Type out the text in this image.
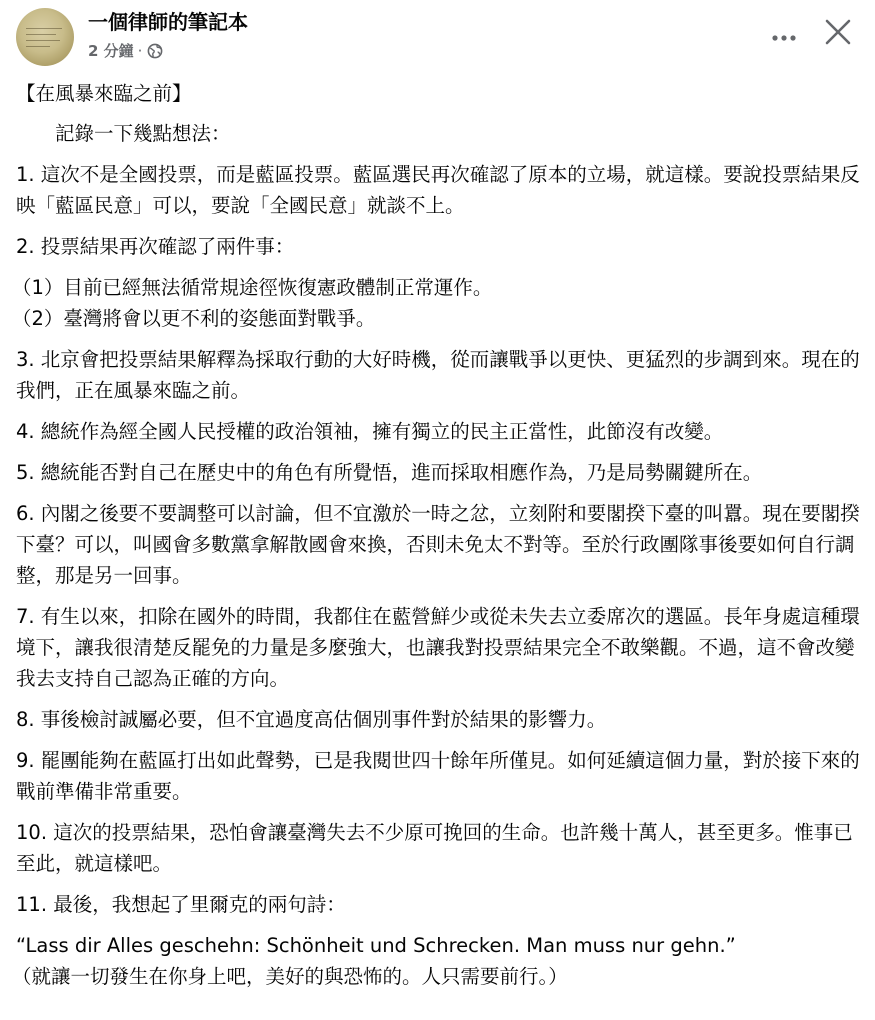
一個律師的筆記本
2 分鐘 ·

【在風暴來臨之前】

　　記錄一下幾點想法：

1. 這次不是全國投票，而是藍區投票。藍區選民再次確認了原本的立場，就這樣。要說投票結果反映「藍區民意」可以，要說「全國民意」就談不上。

2. 投票結果再次確認了兩件事：

（1）目前已經無法循常規途徑恢復憲政體制正常運作。

（2）臺灣將會以更不利的姿態面對戰爭。

3. 北京會把投票結果解釋為採取行動的大好時機，從而讓戰爭以更快、更猛烈的步調到來。現在的我們，正在風暴來臨之前。

4. 總統作為經全國人民授權的政治領袖，擁有獨立的民主正當性，此節沒有改變。

5. 總統能否對自己在歷史中的角色有所覺悟，進而採取相應作為，乃是局勢關鍵所在。

6. 內閣之後要不要調整可以討論，但不宜激於一時之忿，立刻附和要閣揆下臺的叫囂。現在要閣揆下臺？可以，叫國會多數黨拿解散國會來換，否則未免太不對等。至於行政團隊事後要如何自行調整，那是另一回事。

7. 有生以來，扣除在國外的時間，我都住在藍營鮮少或從未失去立委席次的選區。長年身處這種環境下，讓我很清楚反罷免的力量是多麼強大，也讓我對投票結果完全不敢樂觀。不過，這不會改變我去支持自己認為正確的方向。

8. 事後檢討誠屬必要，但不宜過度高估個別事件對於結果的影響力。

9. 罷團能夠在藍區打出如此聲勢，已是我閱世四十餘年所僅見。如何延續這個力量，對於接下來的戰前準備非常重要。

10. 這次的投票結果，恐怕會讓臺灣失去不少原可挽回的生命。也許幾十萬人，甚至更多。惟事已至此，就這樣吧。

11. 最後，我想起了里爾克的兩句詩：

“Lass dir Alles geschehn: Schönheit und Schrecken. Man muss nur gehn.”

（就讓一切發生在你身上吧，美好的與恐怖的。人只需要前行。）
